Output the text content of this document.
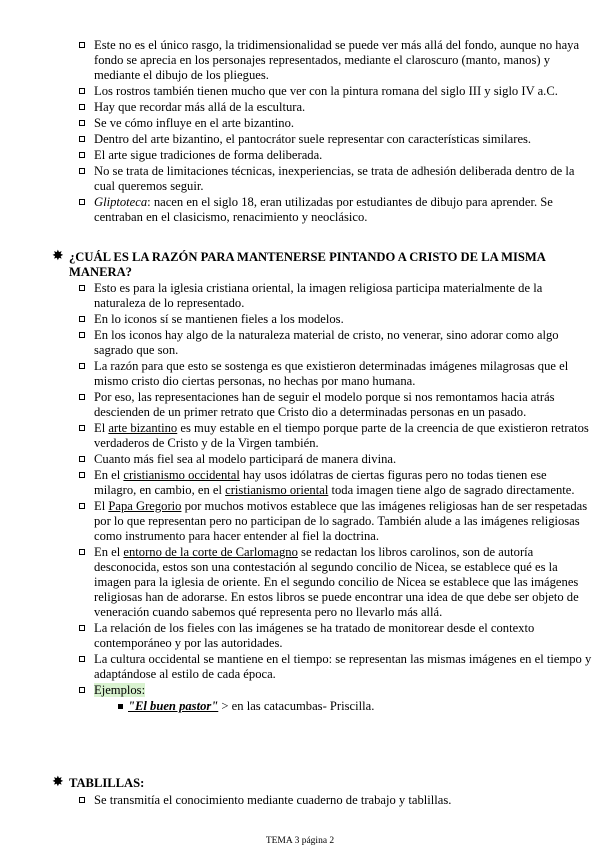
Este no es el único rasgo, la tridimensionalidad se puede ver más allá del fondo, aunque no haya fondo se aprecia en los personajes representados, mediante el claroscuro (manto, manos) y mediante el dibujo de los pliegues.
Los rostros también tienen mucho que ver con la pintura romana del siglo III y siglo IV a.C.
Hay que recordar más allá de la escultura.
Se ve cómo influye en el arte bizantino.
Dentro del arte bizantino, el pantocrátor suele representar con características similares.
El arte sigue tradiciones de forma deliberada.
No se trata de limitaciones técnicas, inexperiencias, se trata de adhesión deliberada dentro de la cual queremos seguir.
Gliptoteca: nacen en el siglo 18, eran utilizadas por estudiantes de dibujo para aprender. Se centraban en el clasicismo, renacimiento y neoclásico.
✸ ¿CUÁL ES LA RAZÓN PARA MANTENERSE PINTANDO A CRISTO DE LA MISMA MANERA?
Esto es para la iglesia cristiana oriental, la imagen religiosa participa materialmente de la naturaleza de lo representado.
En lo iconos sí se mantienen fieles a los modelos.
En los iconos hay algo de la naturaleza material de cristo, no venerar, sino adorar como algo sagrado que son.
La razón para que esto se sostenga es que existieron determinadas imágenes milagrosas que el mismo cristo dio ciertas personas, no hechas por mano humana.
Por eso, las representaciones han de seguir el modelo porque si nos remontamos hacia atrás descienden de un primer retrato que Cristo dio a determinadas personas en un pasado.
El arte bizantino es muy estable en el tiempo porque parte de la creencia de que existieron retratos verdaderos de Cristo y de la Virgen también.
Cuanto más fiel sea al modelo participará de manera divina.
En el cristianismo occidental hay usos idólatras de ciertas figuras pero no todas tienen ese milagro, en cambio, en el cristianismo oriental toda imagen tiene algo de sagrado directamente.
El Papa Gregorio por muchos motivos establece que las imágenes religiosas han de ser respetadas por lo que representan pero no participan de lo sagrado. También alude a las imágenes religiosas como instrumento para hacer entender al fiel la doctrina.
En el entorno de la corte de Carlomagno se redactan los libros carolinos, son de autoría desconocida, estos son una contestación al segundo concilio de Nicea, se establece qué es la imagen para la iglesia de oriente. En el segundo concilio de Nicea se establece que las imágenes religiosas han de adorarse. En estos libros se puede encontrar una idea de que debe ser objeto de veneración cuando sabemos qué representa pero no llevarlo más allá.
La relación de los fieles con las imágenes se ha tratado de monitorear desde el contexto contemporáneo y por las autoridades.
La cultura occidental se mantiene en el tiempo: se representan las mismas imágenes en el tiempo y adaptándose al estilo de cada época.
Ejemplos:
"El buen pastor" > en las catacumbas- Priscilla.
✸ TABLILLAS:
Se transmitía el conocimiento mediante cuaderno de trabajo y tablillas.
TEMA 3 página 2
